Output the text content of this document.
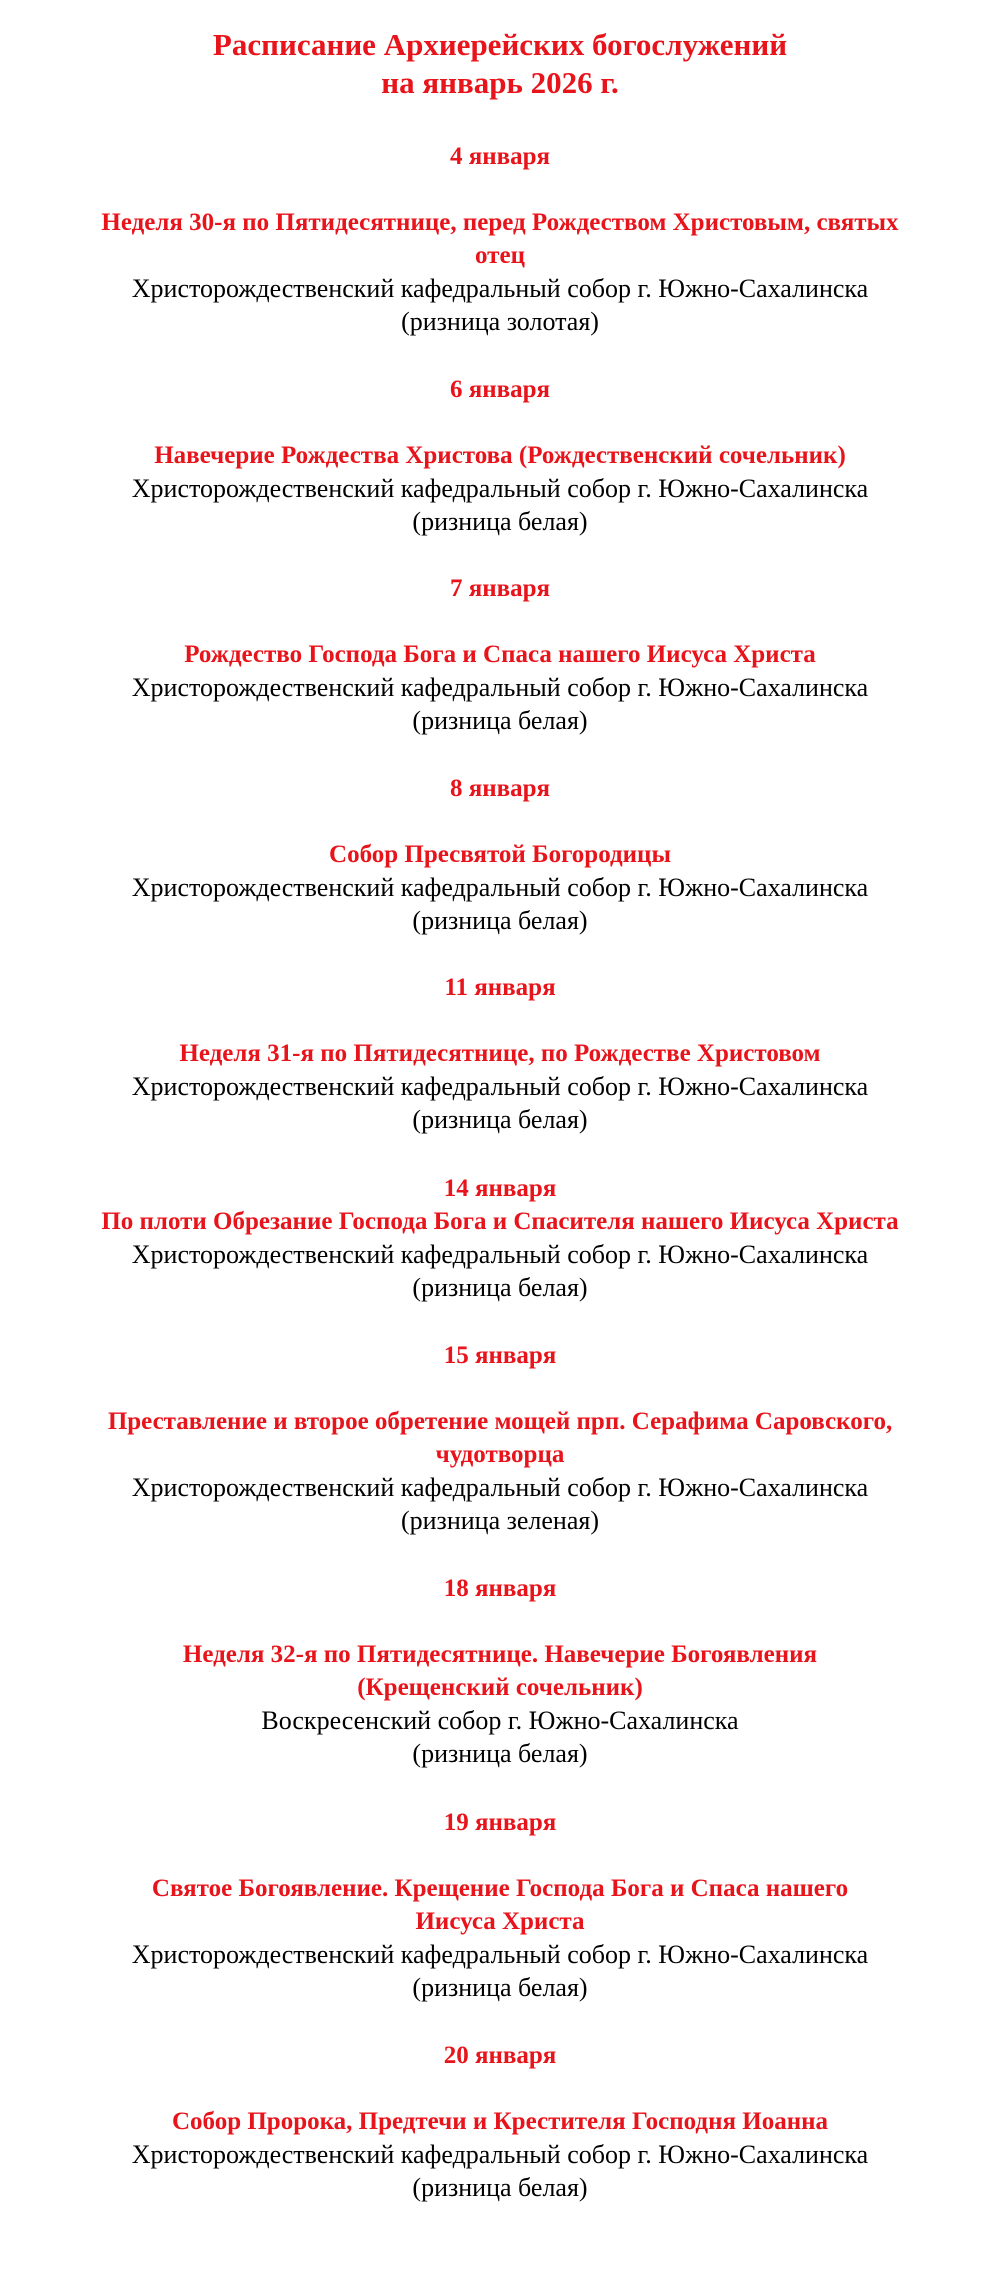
Расписание Архиерейских богослужений
на январь 2026 г.
4 января
Неделя 30-я по Пятидесятнице, перед Рождеством Христовым, святых
отец
Христорождественский кафедральный собор г. Южно-Сахалинска
(ризница золотая)
6 января
Навечерие Рождества Христова (Рождественский сочельник)
Христорождественский кафедральный собор г. Южно-Сахалинска
(ризница белая)
7 января
Рождество Господа Бога и Спаса нашего Иисуса Христа
Христорождественский кафедральный собор г. Южно-Сахалинска
(ризница белая)
8 января
Собор Пресвятой Богородицы
Христорождественский кафедральный собор г. Южно-Сахалинска
(ризница белая)
11 января
Неделя 31-я по Пятидесятнице, по Рождестве Христовом
Христорождественский кафедральный собор г. Южно-Сахалинска
(ризница белая)
14 января
По плоти Обрезание Господа Бога и Спасителя нашего Иисуса Христа
Христорождественский кафедральный собор г. Южно-Сахалинска
(ризница белая)
15 января
Преставление и второе обретение мощей прп. Серафима Саровского,
чудотворца
Христорождественский кафедральный собор г. Южно-Сахалинска
(ризница зеленая)
18 января
Неделя 32-я по Пятидесятнице. Навечерие Богоявления
(Крещенский сочельник)
Воскресенский собор г. Южно-Сахалинска
(ризница белая)
19 января
Святое Богоявление. Крещение Господа Бога и Спаса нашего
Иисуса Христа
Христорождественский кафедральный собор г. Южно-Сахалинска
(ризница белая)
20 января
Собор Пророка, Предтечи и Крестителя Господня Иоанна
Христорождественский кафедральный собор г. Южно-Сахалинска
(ризница белая)
